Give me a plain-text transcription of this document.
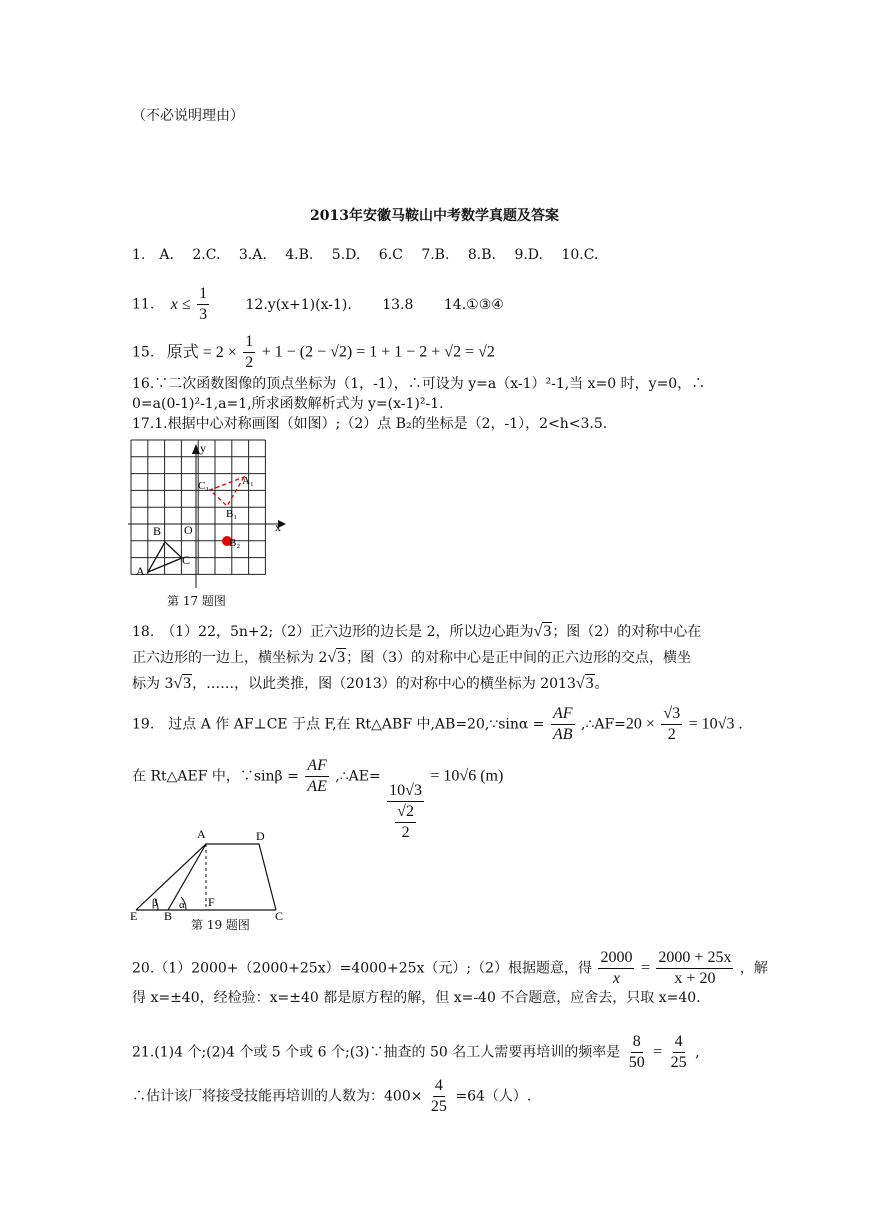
（不必说明理由）
2013年安徽马鞍山中考数学真题及答案
1.　A. 2.C. 3.A. 4.B. 5.D. 6.C 7.B. 8.B. 9.D. 10.C.
11. $x \le \frac{1}{3}$	12.y(x+1)(x-1). 13.8 14.①③④
15. 原式 = $2 \times \frac{1}{2} + 1 - (2 - √2) = 1 + 1 - 2 + √2 = √2$
16.∵二次函数图像的顶点坐标为（1，-1），∴可设为 y=a（x-1）²-1,当 x=0 时，y=0，∴
0=a(0-1)²-1,a=1,所求函数解析式为 y=(x-1)²-1.
17.1.根据中心对称画图（如图）;（2）点 B₂的坐标是（2，-1），2<h<3.5.
y
x
O
A
B
C
A₁
B₁
C₁
B₂
第 17 题图
18.　（1）22，5n+2;（2）正六边形的边长是 2，所以边心距为√3；图（2）的对称中心在
正六边形的一边上，横坐标为 2√3；图（3）的对称中心是正中间的正六边形的交点，横坐
标为 3√3，……，以此类推，图（2013）的对称中心的横坐标为 2013√3。
19.　过点 A 作 AF⊥CE 于点 F,在 Rt△ABF 中,AB=20,∵sinα = $\frac{AF}{AB}$ ,∴AF=20 × $\frac{√3}{2} = 10√3$ .
在 Rt△AEF 中，∵sinβ = $\frac{AF}{AE}$ ,∴AE=
$\frac{10√3}{\frac{√2}{2}}$
= 10√6 (m)
A	D
E B
F
C
β α
第 19 题图
20.（1）2000+（2000+25x）=4000+25x（元）;（2）根据题意，得 $\frac{2000}{x} = \frac{2000 + 25x}{x + 20}$ ，解
得 x=±40，经检验：x=±40 都是原方程的解，但 x=-40 不合题意，应舍去，只取 x=40.
21.(1)4 个;(2)4 个或 5 个或 6 个;(3)∵抽查的 50 名工人需要再培训的频率是 $\frac{8}{50} = \frac{4}{25}$ ,
∴估计该厂将接受技能再培训的人数为：$400\times \frac{4}{25} =64$（人）.
